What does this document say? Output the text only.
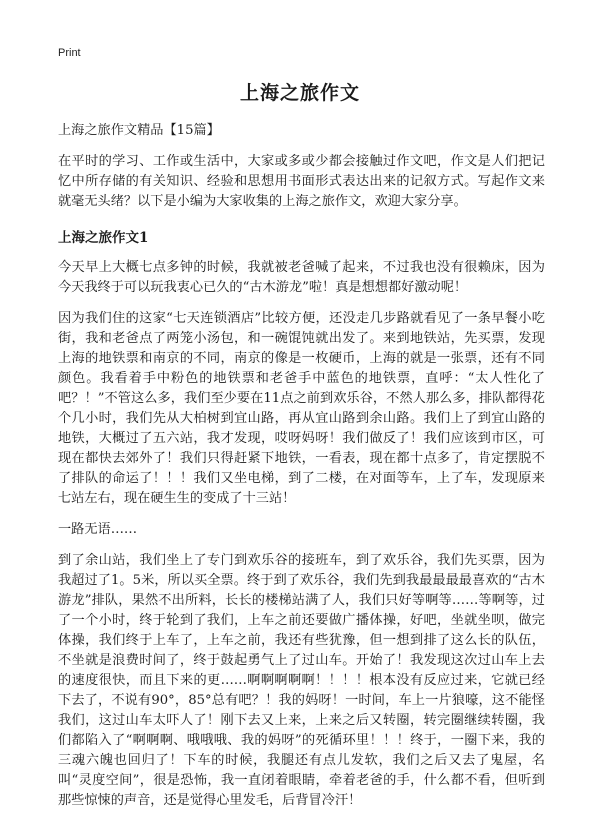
Print
上海之旅作文

上海之旅作文精品【15篇】

在平时的学习、工作或生活中，大家或多或少都会接触过作文吧，作文是人们把记忆中所存储的有关知识、经验和思想用书面形式表达出来的记叙方式。写起作文来就毫无头绪？以下是小编为大家收集的上海之旅作文，欢迎大家分享。

上海之旅作文1

今天早上大概七点多钟的时候，我就被老爸喊了起来，不过我也没有很赖床，因为今天我终于可以玩我衷心已久的“古木游龙”啦！真是想想都好激动呢！

因为我们住的这家“七天连锁酒店”比较方便，还没走几步路就看见了一条早餐小吃街，我和老爸点了两笼小汤包，和一碗馄饨就出发了。来到地铁站，先买票，发现上海的地铁票和南京的不同，南京的像是一枚硬币，上海的就是一张票，还有不同颜色。我看着手中粉色的地铁票和老爸手中蓝色的地铁票，直呼：“太人性化了吧？！”不管这么多，我们至少要在11点之前到欢乐谷，不然人那么多，排队都得花个几小时，我们先从大柏树到宜山路，再从宜山路到余山路。我们上了到宜山路的地铁，大概过了五六站，我才发现，哎呀妈呀！我们做反了！我们应该到市区，可现在都快去郊外了！我们只得赶紧下地铁，一看表，现在都十点多了，肯定摆脱不了排队的命运了！！！我们又坐电梯，到了二楼，在对面等车，上了车，发现原来七站左右，现在硬生生的变成了十三站！

一路无语……

到了余山站，我们坐上了专门到欢乐谷的接班车，到了欢乐谷，我们先买票，因为我超过了1。5米，所以买全票。终于到了欢乐谷，我们先到我最最最最喜欢的“古木游龙”排队，果然不出所料，长长的楼梯站满了人，我们只好等啊等……等啊等，过了一个小时，终于轮到了我们，上车之前还要做广播体操，好吧，坐就坐呗，做完体操，我们终于上车了，上车之前，我还有些犹豫，但一想到排了这么长的队伍，不坐就是浪费时间了，终于鼓起勇气上了过山车。开始了！我发现这次过山车上去的速度很快，而且下来的更……啊啊啊啊啊！！！！根本没有反应过来，它就已经下去了，不说有90°，85°总有吧？！我的妈呀！一时间，车上一片狼嚎，这不能怪我们，这过山车太吓人了！刚下去又上来，上来之后又转圈，转完圈继续转圈，我们都陷入了“啊啊啊、哦哦哦、我的妈呀”的死循环里！！！终于，一圈下来，我的三魂六魄也回归了！下车的时候，我腿还有点儿发软，我们之后又去了鬼屋，名叫“灵度空间”，很是恐怖，我一直闭着眼睛，牵着老爸的手，什么都不看，但听到那些惊悚的声音，还是觉得心里发毛，后背冒冷汗！
